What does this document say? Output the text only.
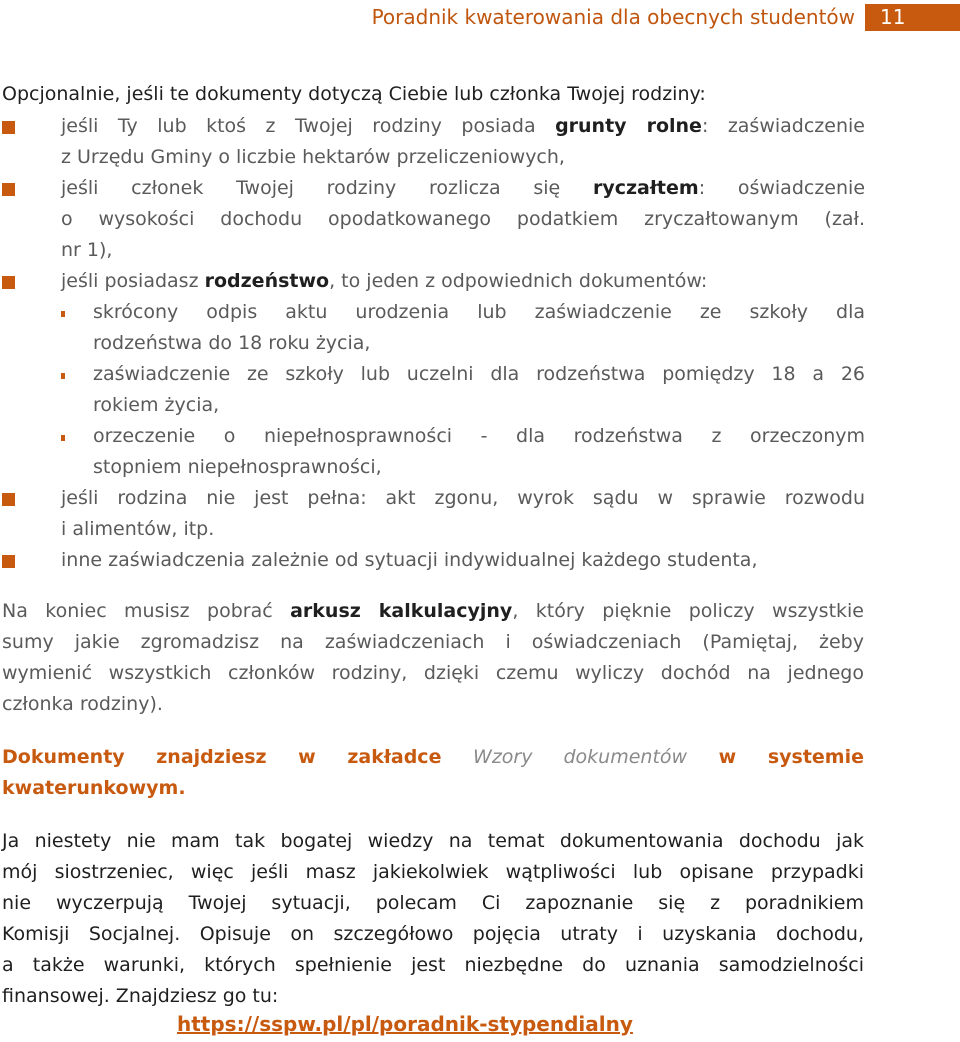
Poradnik kwaterowania dla obecnych studentów	11
Opcjonalnie, jeśli te dokumenty dotyczą Ciebie lub członka Twojej rodziny:
jeśli Ty lub ktoś z Twojej rodziny posiada grunty rolne: zaświadczenie
z Urzędu Gminy o liczbie hektarów przeliczeniowych,
jeśli członek Twojej rodziny rozlicza się ryczałtem: oświadczenie
o wysokości dochodu opodatkowanego podatkiem zryczałtowanym (zał.
nr 1),
jeśli posiadasz rodzeństwo, to jeden z odpowiednich dokumentów:
skrócony odpis aktu urodzenia lub zaświadczenie ze szkoły dla
rodzeństwa do 18 roku życia,
zaświadczenie ze szkoły lub uczelni dla rodzeństwa pomiędzy 18 a 26
rokiem życia,
orzeczenie o niepełnosprawności - dla rodzeństwa z orzeczonym
stopniem niepełnosprawności,
jeśli rodzina nie jest pełna: akt zgonu, wyrok sądu w sprawie rozwodu
i alimentów, itp.
inne zaświadczenia zależnie od sytuacji indywidualnej każdego studenta,
Na koniec musisz pobrać arkusz kalkulacyjny, który pięknie policzy wszystkie
sumy jakie zgromadzisz na zaświadczeniach i oświadczeniach (Pamiętaj, żeby
wymienić wszystkich członków rodziny, dzięki czemu wyliczy dochód na jednego
członka rodziny).
Dokumenty znajdziesz w zakładce Wzory dokumentów w systemie
kwaterunkowym.
Ja niestety nie mam tak bogatej wiedzy na temat dokumentowania dochodu jak
mój siostrzeniec, więc jeśli masz jakiekolwiek wątpliwości lub opisane przypadki
nie wyczerpują Twojej sytuacji, polecam Ci zapoznanie się z poradnikiem
Komisji Socjalnej. Opisuje on szczegółowo pojęcia utraty i uzyskania dochodu,
a także warunki, których spełnienie jest niezbędne do uznania samodzielności
finansowej. Znajdziesz go tu:
https://sspw.pl/pl/poradnik-stypendialny
